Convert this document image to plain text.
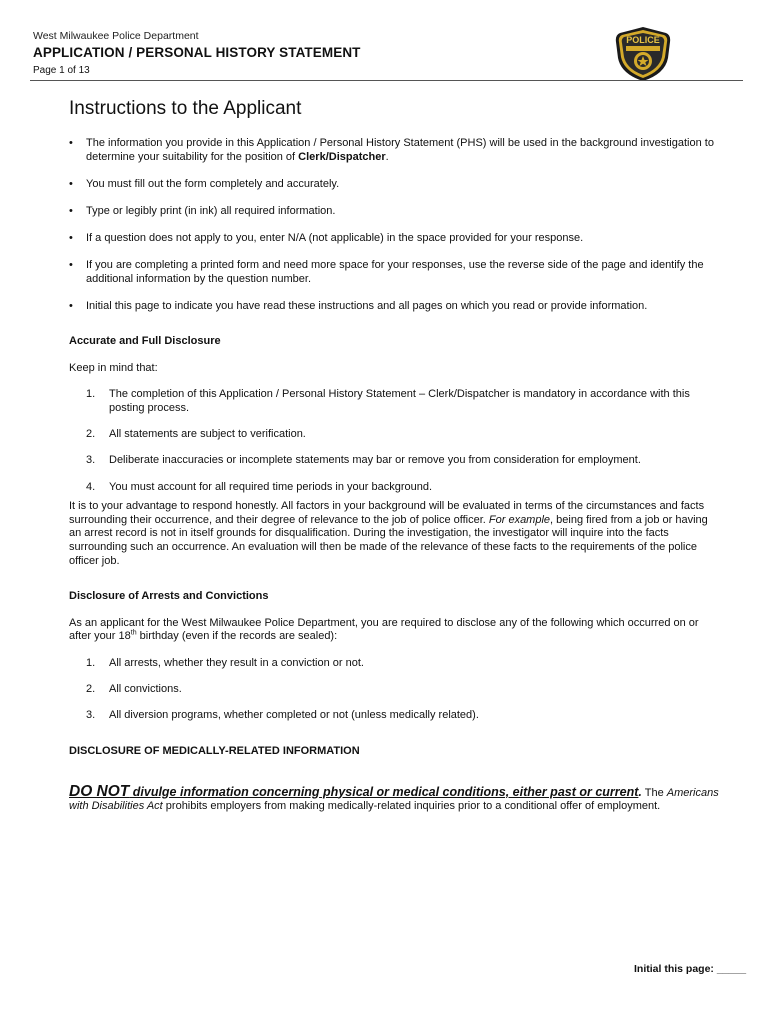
West Milwaukee Police Department
APPLICATION / PERSONAL HISTORY STATEMENT
Page 1 of 13
POLICE
Instructions to the Applicant
• The information you provide in this Application / Personal History Statement (PHS) will be used in the background investigation to determine your suitability for the position of Clerk/Dispatcher.
• You must fill out the form completely and accurately.
• Type or legibly print (in ink) all required information.
• If a question does not apply to you, enter N/A (not applicable) in the space provided for your response.
• If you are completing a printed form and need more space for your responses, use the reverse side of the page and identify the additional information by the question number.
• Initial this page to indicate you have read these instructions and all pages on which you read or provide information.

Accurate and Full Disclosure

Keep in mind that:

1. The completion of this Application / Personal History Statement – Clerk/Dispatcher is mandatory in accordance with this posting process.
2. All statements are subject to verification.
3. Deliberate inaccuracies or incomplete statements may bar or remove you from consideration for employment.
4. You must account for all required time periods in your background.

It is to your advantage to respond honestly. All factors in your background will be evaluated in terms of the circumstances and facts surrounding their occurrence, and their degree of relevance to the job of police officer. For example, being fired from a job or having an arrest record is not in itself grounds for disqualification. During the investigation, the investigator will inquire into the facts surrounding such an occurrence. An evaluation will then be made of the relevance of these facts to the requirements of the police officer job.

Disclosure of Arrests and Convictions

As an applicant for the West Milwaukee Police Department, you are required to disclose any of the following which occurred on or after your 18th birthday (even if the records are sealed):

1. All arrests, whether they result in a conviction or not.
2. All convictions.
3. All diversion programs, whether completed or not (unless medically related).

DISCLOSURE OF MEDICALLY-RELATED INFORMATION

DO NOT divulge information concerning physical or medical conditions, either past or current. The Americans with Disabilities Act prohibits employers from making medically-related inquiries prior to a conditional offer of employment.

Initial this page: _____
